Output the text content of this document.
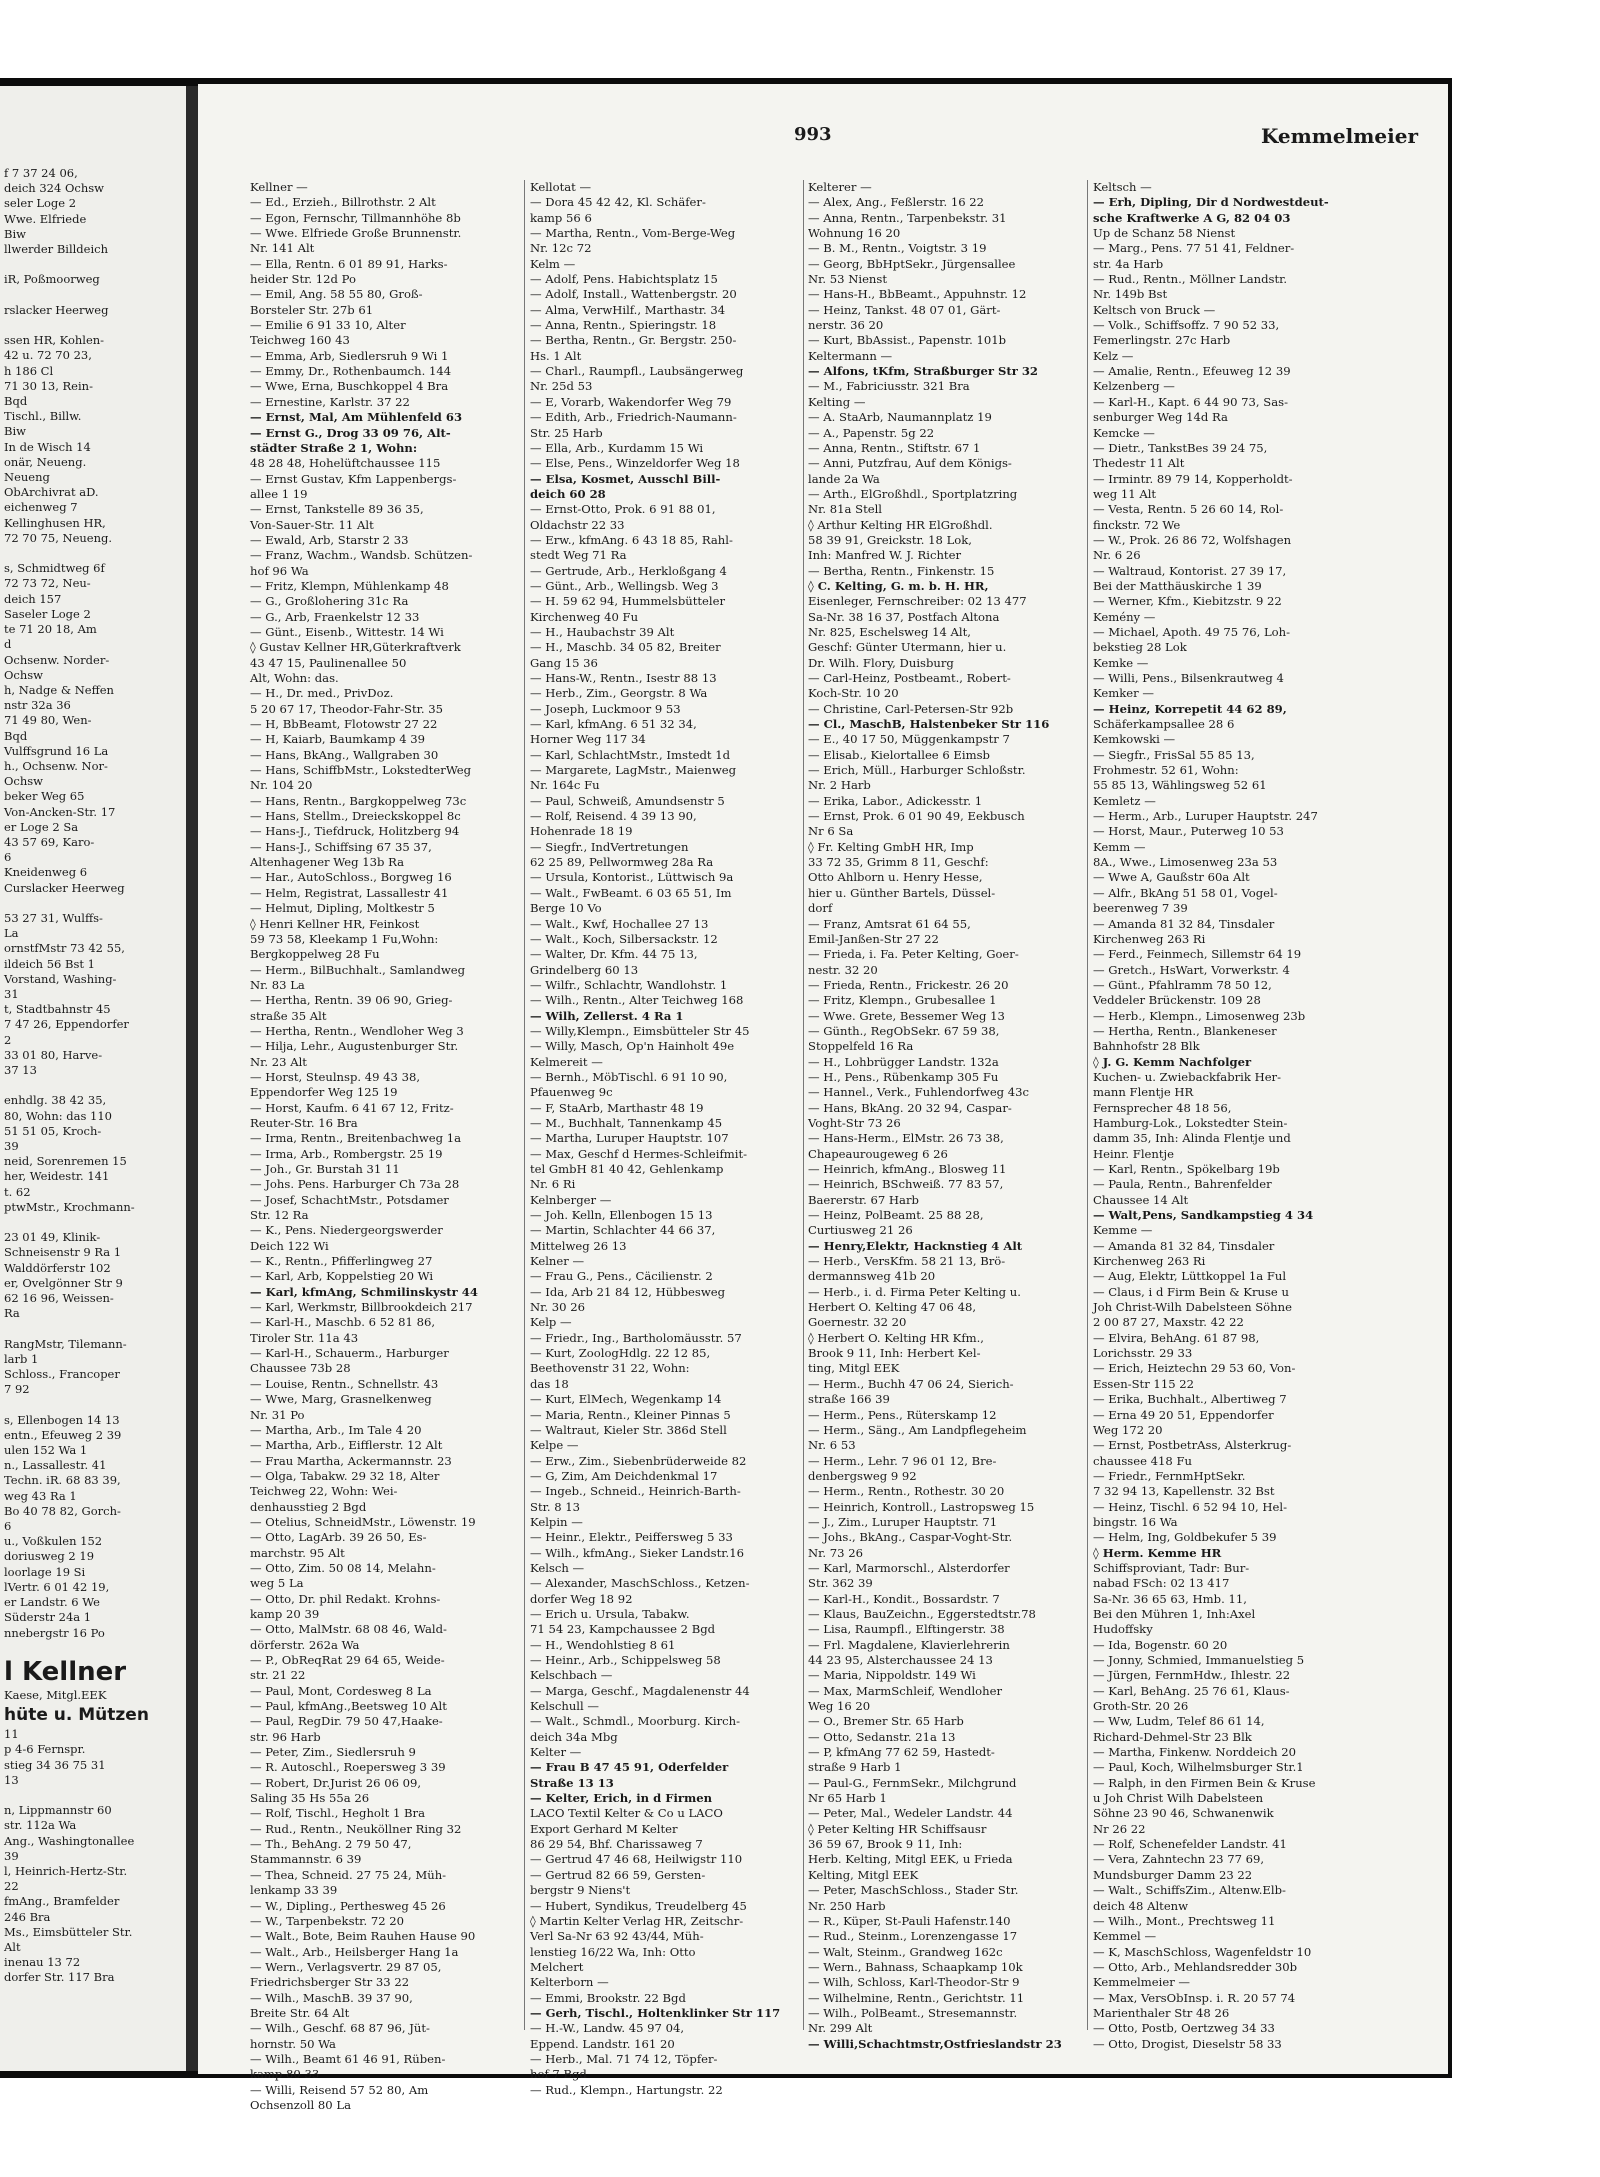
f 7 37 24 06,
deich 324 Ochsw
seler Loge 2
Wwe. Elfriede
Biw
llwerder Billdeich

iR, Poßmoorweg

rslacker Heerweg

ssen HR, Kohlen-
42 u. 72 70 23,
h 186 Cl
71 30 13, Rein-
Bqd
Tischl., Billw.
Biw
In de Wisch 14
onär, Neueng.
Neueng
ObArchivrat aD.
eichenweg 7
Kellinghusen HR,
72 70 75, Neueng.

s, Schmidtweg 6f
72 73 72, Neu-
deich 157
Saseler Loge 2
te 71 20 18, Am
d
Ochsenw. Norder-
Ochsw
h, Nadge & Neffen
nstr 32a 36
71 49 80, Wen-
Bqd
Vulffsgrund 16 La
h., Ochsenw. Nor-
Ochsw
beker Weg 65
Von-Ancken-Str. 17
er Loge 2 Sa
43 57 69, Karo-
6
Kneidenweg 6
Curslacker Heerweg

53 27 31, Wulffs-
La
ornstfMstr 73 42 55,
ildeich 56 Bst 1
Vorstand, Washing-
31
t, Stadtbahnstr 45
7 47 26, Eppendorfer
2
33 01 80, Harve-
37 13

enhdlg. 38 42 35,
80, Wohn: das 110
51 51 05, Kroch-
39
neid, Sorenremen 15
her, Weidestr. 141
t. 62
ptwMstr., Krochmann-

23 01 49, Klinik-
Schneisenstr 9 Ra 1
Walddörferstr 102
er, Ovelgönner Str 9
62 16 96, Weissen-
Ra

RangMstr, Tilemann-
larb 1
Schloss., Francoper
7 92

s, Ellenbogen 14 13
entn., Efeuweg 2 39
ulen 152 Wa 1
n., Lassallestr. 41
Techn. iR. 68 83 39,
weg 43 Ra 1
Bo 40 78 82, Gorch-
6
u., Voßkulen 152
doriusweg 2 19
loorlage 19 Si
lVertr. 6 01 42 19,
er Landstr. 6 We
Süderstr 24a 1
nnebergstr 16 Po

l Kellner
Kaese, Mitgl.EEK
hüte u. Mützen
11
p 4-6 Fernspr.
stieg 34 36 75 31
13

n, Lippmannstr 60
str. 112a Wa
Ang., Washingtonallee
39
l, Heinrich-Hertz-Str.
22
fmAng., Bramfelder
246 Bra
Ms., Eimsbütteler Str.
Alt
inenau 13 72
dorfer Str. 117 Bra
993	Kemmelmeier
Kellner —
— Ed., Erzieh., Billrothstr. 2 Alt
— Egon, Fernschr, Tillmannhöhe 8b
— Wwe. Elfriede Große Brunnenstr.
Nr. 141 Alt
— Ella, Rentn. 6 01 89 91, Harks-
heider Str. 12d Po
— Emil, Ang. 58 55 80, Groß-
Borsteler Str. 27b 61
— Emilie 6 91 33 10, Alter
Teichweg 160 43
— Emma, Arb, Siedlersruh 9 Wi 1
— Emmy, Dr., Rothenbaumch. 144
— Wwe, Erna, Buschkoppel 4 Bra
— Ernestine, Karlstr. 37 22
— Ernst, Mal, Am Mühlenfeld 63
— Ernst G., Drog 33 09 76, Alt-
städter Straße 2 1, Wohn:
48 28 48, Hohelüftchaussee 115
— Ernst Gustav, Kfm Lappenbergs-
allee 1 19
— Ernst, Tankstelle 89 36 35,
Von-Sauer-Str. 11 Alt
— Ewald, Arb, Starstr 2 33
— Franz, Wachm., Wandsb. Schützen-
hof 96 Wa
— Fritz, Klempn, Mühlenkamp 48
— G., Großlohering 31c Ra
— G., Arb, Fraenkelstr 12 33
— Günt., Eisenb., Wittestr. 14 Wi
◊ Gustav Kellner HR,Güterkraftverk
43 47 15, Paulinenallee 50
Alt, Wohn: das.
— H., Dr. med., PrivDoz.
5 20 67 17, Theodor-Fahr-Str. 35
— H, BbBeamt, Flotowstr 27 22
— H, Kaiarb, Baumkamp 4 39
— Hans, BkAng., Wallgraben 30
— Hans, SchiffbMstr., LokstedterWeg
Nr. 104 20
— Hans, Rentn., Bargkoppelweg 73c
— Hans, Stellm., Dreieckskoppel 8c
— Hans-J., Tiefdruck, Holitzberg 94
— Hans-J., Schiffsing 67 35 37,
Altenhagener Weg 13b Ra
— Har., AutoSchloss., Borgweg 16
— Helm, Registrat, Lassallestr 41
— Helmut, Dipling, Moltkestr 5
◊ Henri Kellner HR, Feinkost
59 73 58, Kleekamp 1 Fu,Wohn:
Bergkoppelweg 28 Fu
— Herm., BilBuchhalt., Samlandweg
Nr. 83 La
— Hertha, Rentn. 39 06 90, Grieg-
straße 35 Alt
— Hertha, Rentn., Wendloher Weg 3
— Hilja, Lehr., Augustenburger Str.
Nr. 23 Alt
— Horst, Steulnsp. 49 43 38,
Eppendorfer Weg 125 19
— Horst, Kaufm. 6 41 67 12, Fritz-
Reuter-Str. 16 Bra
— Irma, Rentn., Breitenbachweg 1a
— Irma, Arb., Rombergstr. 25 19
— Joh., Gr. Burstah 31 11
— Johs. Pens. Harburger Ch 73a 28
— Josef, SchachtMstr., Potsdamer
Str. 12 Ra
— K., Pens. Niedergeorgswerder
Deich 122 Wi
— K., Rentn., Pfifferlingweg 27
— Karl, Arb, Koppelstieg 20 Wi
— Karl, kfmAng, Schmilinskystr 44
— Karl, Werkmstr, Billbrookdeich 217
— Karl-H., Maschb. 6 52 81 86,
Tiroler Str. 11a 43
— Karl-H., Schauerm., Harburger
Chaussee 73b 28
— Louise, Rentn., Schnellstr. 43
— Wwe, Marg, Grasnelkenweg
Nr. 31 Po
— Martha, Arb., Im Tale 4 20
— Martha, Arb., Eifflerstr. 12 Alt
— Frau Martha, Ackermannstr. 23
— Olga, Tabakw. 29 32 18, Alter
Teichweg 22, Wohn: Wei-
denhausstieg 2 Bgd
— Otelius, SchneidMstr., Löwenstr. 19
— Otto, LagArb. 39 26 50, Es-
marchstr. 95 Alt
— Otto, Zim. 50 08 14, Melahn-
weg 5 La
— Otto, Dr. phil Redakt. Krohns-
kamp 20 39
— Otto, MalMstr. 68 08 46, Wald-
dörferstr. 262a Wa
— P., ObReqRat 29 64 65, Weide-
str. 21 22
— Paul, Mont, Cordesweg 8 La
— Paul, kfmAng.,Beetsweg 10 Alt
— Paul, RegDir. 79 50 47,Haake-
str. 96 Harb
— Peter, Zim., Siedlersruh 9
— R. Autoschl., Roepersweg 3 39
— Robert, Dr.Jurist 26 06 09,
Saling 35 Hs 55a 26
— Rolf, Tischl., Hegholt 1 Bra
— Rud., Rentn., Neuköllner Ring 32
— Th., BehAng. 2 79 50 47,
Stammannstr. 6 39
— Thea, Schneid. 27 75 24, Müh-
lenkamp 33 39
— W., Dipling., Perthesweg 45 26
— W., Tarpenbekstr. 72 20
— Walt., Bote, Beim Rauhen Hause 90
— Walt., Arb., Heilsberger Hang 1a
— Wern., Verlagsvertr. 29 87 05,
Friedrichsberger Str 33 22
— Wilh., MaschB. 39 37 90,
Breite Str. 64 Alt
— Wilh., Geschf. 68 87 96, Jüt-
hornstr. 50 Wa
— Wilh., Beamt 61 46 91, Rüben-
kamp 80 33
— Willi, Reisend 57 52 80, Am
Ochsenzoll 80 La
Kellotat —
— Dora 45 42 42, Kl. Schäfer-
kamp 56 6
— Martha, Rentn., Vom-Berge-Weg
Nr. 12c 72
Kelm —
— Adolf, Pens. Habichtsplatz 15
— Adolf, Install., Wattenbergstr. 20
— Alma, VerwHilf., Marthastr. 34
— Anna, Rentn., Spieringstr. 18
— Bertha, Rentn., Gr. Bergstr. 250-
Hs. 1 Alt
— Charl., Raumpfl., Laubsängerweg
Nr. 25d 53
— E, Vorarb, Wakendorfer Weg 79
— Edith, Arb., Friedrich-Naumann-
Str. 25 Harb
— Ella, Arb., Kurdamm 15 Wi
— Else, Pens., Winzeldorfer Weg 18
— Elsa, Kosmet, Ausschl Bill-
deich 60 28
— Ernst-Otto, Prok. 6 91 88 01,
Oldachstr 22 33
— Erw., kfmAng. 6 43 18 85, Rahl-
stedt Weg 71 Ra
— Gertrude, Arb., Herkloßgang 4
— Günt., Arb., Wellingsb. Weg 3
— H. 59 62 94, Hummelsbütteler
Kirchenweg 40 Fu
— H., Haubachstr 39 Alt
— H., Maschb. 34 05 82, Breiter
Gang 15 36
— Hans-W., Rentn., Isestr 88 13
— Herb., Zim., Georgstr. 8 Wa
— Joseph, Luckmoor 9 53
— Karl, kfmAng. 6 51 32 34,
Horner Weg 117 34
— Karl, SchlachtMstr., Imstedt 1d
— Margarete, LagMstr., Maienweg
Nr. 164c Fu
— Paul, Schweiß, Amundsenstr 5
— Rolf, Reisend. 4 39 13 90,
Hohenrade 18 19
— Siegfr., IndVertretungen
62 25 89, Pellwormweg 28a Ra
— Ursula, Kontorist., Lüttwisch 9a
— Walt., FwBeamt. 6 03 65 51, Im
Berge 10 Vo
— Walt., Kwf, Hochallee 27 13
— Walt., Koch, Silbersackstr. 12
— Walter, Dr. Kfm. 44 75 13,
Grindelberg 60 13
— Wilfr., Schlachtr, Wandlohstr. 1
— Wilh., Rentn., Alter Teichweg 168
— Wilh, Zellerst. 4 Ra 1
— Willy,Klempn., Eimsbütteler Str 45
— Willy, Masch, Op'n Hainholt 49e
Kelmereit —
— Bernh., MöbTischl. 6 91 10 90,
Pfauenweg 9c
— F, StaArb, Marthastr 48 19
— M., Buchhalt, Tannenkamp 45
— Martha, Luruper Hauptstr. 107
— Max, Geschf d Hermes-Schleifmit-
tel GmbH 81 40 42, Gehlenkamp
Nr. 6 Ri
Kelnberger —
— Joh. Kelln, Ellenbogen 15 13
— Martin, Schlachter 44 66 37,
Mittelweg 26 13
Kelner —
— Frau G., Pens., Cäcilienstr. 2
— Ida, Arb 21 84 12, Hübbesweg
Nr. 30 26
Kelp —
— Friedr., Ing., Bartholomäusstr. 57
— Kurt, ZoologHdlg. 22 12 85,
Beethovenstr 31 22, Wohn:
das 18
— Kurt, ElMech, Wegenkamp 14
— Maria, Rentn., Kleiner Pinnas 5
— Waltraut, Kieler Str. 386d Stell
Kelpe —
— Erw., Zim., Siebenbrüderweide 82
— G, Zim, Am Deichdenkmal 17
— Ingeb., Schneid., Heinrich-Barth-
Str. 8 13
Kelpin —
— Heinr., Elektr., Peiffersweg 5 33
— Wilh., kfmAng., Sieker Landstr.16
Kelsch —
— Alexander, MaschSchloss., Ketzen-
dorfer Weg 18 92
— Erich u. Ursula, Tabakw.
71 54 23, Kampchaussee 2 Bgd
— H., Wendohlstieg 8 61
— Heinr., Arb., Schippelsweg 58
Kelschbach —
— Marga, Geschf., Magdalenenstr 44
Kelschull —
— Walt., Schmdl., Moorburg. Kirch-
deich 34a Mbg
Kelter —
— Frau B 47 45 91, Oderfelder
Straße 13 13
— Kelter, Erich, in d Firmen
LACO Textil Kelter & Co u LACO
Export Gerhard M Kelter
86 29 54, Bhf. Charissaweg 7
— Gertrud 47 46 68, Heilwigstr 110
— Gertrud 82 66 59, Gersten-
bergstr 9 Niens't
— Hubert, Syndikus, Treudelberg 45
◊ Martin Kelter Verlag HR, Zeitschr-
Verl Sa-Nr 63 92 43/44, Müh-
lenstieg 16/22 Wa, Inh: Otto
Melchert
Kelterborn —
— Emmi, Brookstr. 22 Bgd
— Gerh, Tischl., Holtenklinker Str 117
— H.-W., Landw. 45 97 04,
Eppend. Landstr. 161 20
— Herb., Mal. 71 74 12, Töpfer-
hof 7 Bgd
— Rud., Klempn., Hartungstr. 22
Kelterer —
— Alex, Ang., Feßlerstr. 16 22
— Anna, Rentn., Tarpenbekstr. 31
Wohnung 16 20
— B. M., Rentn., Voigtstr. 3 19
— Georg, BbHptSekr., Jürgensallee
Nr. 53 Nienst
— Hans-H., BbBeamt., Appuhnstr. 12
— Heinz, Tankst. 48 07 01, Gärt-
nerstr. 36 20
— Kurt, BbAssist., Papenstr. 101b
Keltermann —
— Alfons, tKfm, Straßburger Str 32
— M., Fabriciusstr. 321 Bra
Kelting —
— A. StaArb, Naumannplatz 19
— A., Papenstr. 5g 22
— Anna, Rentn., Stiftstr. 67 1
— Anni, Putzfrau, Auf dem Königs-
lande 2a Wa
— Arth., ElGroßhdl., Sportplatzring
Nr. 81a Stell
◊ Arthur Kelting HR ElGroßhdl.
58 39 91, Greickstr. 18 Lok,
Inh: Manfred W. J. Richter
— Bertha, Rentn., Finkenstr. 15
◊ C. Kelting, G. m. b. H. HR,
Eisenleger, Fernschreiber: 02 13 477
Sa-Nr. 38 16 37, Postfach Altona
Nr. 825, Eschelsweg 14 Alt,
Geschf: Günter Utermann, hier u.
Dr. Wilh. Flory, Duisburg
— Carl-Heinz, Postbeamt., Robert-
Koch-Str. 10 20
— Christine, Carl-Petersen-Str 92b
— Cl., MaschB, Halstenbeker Str 116
— E., 40 17 50, Müggenkampstr 7
— Elisab., Kielortallee 6 Eimsb
— Erich, Müll., Harburger Schloßstr.
Nr. 2 Harb
— Erika, Labor., Adickesstr. 1
— Ernst, Prok. 6 01 90 49, Eekbusch
Nr 6 Sa
◊ Fr. Kelting GmbH HR, Imp
33 72 35, Grimm 8 11, Geschf:
Otto Ahlborn u. Henry Hesse,
hier u. Günther Bartels, Düssel-
dorf
— Franz, Amtsrat 61 64 55,
Emil-Janßen-Str 27 22
— Frieda, i. Fa. Peter Kelting, Goer-
nestr. 32 20
— Frieda, Rentn., Frickestr. 26 20
— Fritz, Klempn., Grubesallee 1
— Wwe. Grete, Bessemer Weg 13
— Günth., RegObSekr. 67 59 38,
Stoppelfeld 16 Ra
— H., Lohbrügger Landstr. 132a
— H., Pens., Rübenkamp 305 Fu
— Hannel., Verk., Fuhlendorfweg 43c
— Hans, BkAng. 20 32 94, Caspar-
Voght-Str 73 26
— Hans-Herm., ElMstr. 26 73 38,
Chapeaurougeweg 6 26
— Heinrich, kfmAng., Blosweg 11
— Heinrich, BSchweiß. 77 83 57,
Baererstr. 67 Harb
— Heinz, PolBeamt. 25 88 28,
Curtiusweg 21 26
— Henry,Elektr, Hacknstieg 4 Alt
— Herb., VersKfm. 58 21 13, Brö-
dermannsweg 41b 20
— Herb., i. d. Firma Peter Kelting u.
Herbert O. Kelting 47 06 48,
Goernestr. 32 20
◊ Herbert O. Kelting HR Kfm.,
Brook 9 11, Inh: Herbert Kel-
ting, Mitgl EEK
— Herm., Buchh 47 06 24, Sierich-
straße 166 39
— Herm., Pens., Rüterskamp 12
— Herm., Säng., Am Landpflegeheim
Nr. 6 53
— Herm., Lehr. 7 96 01 12, Bre-
denbergsweg 9 92
— Herm., Rentn., Rothestr. 30 20
— Heinrich, Kontroll., Lastropsweg 15
— J., Zim., Luruper Hauptstr. 71
— Johs., BkAng., Caspar-Voght-Str.
Nr. 73 26
— Karl, Marmorschl., Alsterdorfer
Str. 362 39
— Karl-H., Kondit., Bossardstr. 7
— Klaus, BauZeichn., Eggerstedtstr.78
— Lisa, Raumpfl., Elftingerstr. 38
— Frl. Magdalene, Klavierlehrerin
44 23 95, Alsterchaussee 24 13
— Maria, Nippoldstr. 149 Wi
— Max, MarmSchleif, Wendloher
Weg 16 20
— O., Bremer Str. 65 Harb
— Otto, Sedanstr. 21a 13
— P, kfmAng 77 62 59, Hastedt-
straße 9 Harb 1
— Paul-G., FernmSekr., Milchgrund
Nr 65 Harb 1
— Peter, Mal., Wedeler Landstr. 44
◊ Peter Kelting HR Schiffsausr
36 59 67, Brook 9 11, Inh:
Herb. Kelting, Mitgl EEK, u Frieda
Kelting, Mitgl EEK
— Peter, MaschSchloss., Stader Str.
Nr. 250 Harb
— R., Küper, St-Pauli Hafenstr.140
— Rud., Steinm., Lorenzengasse 17
— Walt, Steinm., Grandweg 162c
— Wern., Bahnass, Schaapkamp 10k
— Wilh, Schloss, Karl-Theodor-Str 9
— Wilhelmine, Rentn., Gerichtstr. 11
— Wilh., PolBeamt., Stresemannstr.
Nr. 299 Alt
— Willi,Schachtmstr,Ostfrieslandstr 23
Keltsch —
— Erh, Dipling, Dir d Nordwestdeut-
sche Kraftwerke A G, 82 04 03
Up de Schanz 58 Nienst
— Marg., Pens. 77 51 41, Feldner-
str. 4a Harb
— Rud., Rentn., Möllner Landstr.
Nr. 149b Bst
Keltsch von Bruck —
— Volk., Schiffsoffz. 7 90 52 33,
Femerlingstr. 27c Harb
Kelz —
— Amalie, Rentn., Efeuweg 12 39
Kelzenberg —
— Karl-H., Kapt. 6 44 90 73, Sas-
senburger Weg 14d Ra
Kemcke —
— Dietr., TankstBes 39 24 75,
Thedestr 11 Alt
— Irmintr. 89 79 14, Kopperholdt-
weg 11 Alt
— Vesta, Rentn. 5 26 60 14, Rol-
finckstr. 72 We
— W., Prok. 26 86 72, Wolfshagen
Nr. 6 26
— Waltraud, Kontorist. 27 39 17,
Bei der Matthäuskirche 1 39
— Werner, Kfm., Kiebitzstr. 9 22
Kemény —
— Michael, Apoth. 49 75 76, Loh-
bekstieg 28 Lok
Kemke —
— Willi, Pens., Bilsenkrautweg 4
Kemker —
— Heinz, Korrepetit 44 62 89,
Schäferkampsallee 28 6
Kemkowski —
— Siegfr., FrisSal 55 85 13,
Frohmestr. 52 61, Wohn:
55 85 13, Wählingsweg 52 61
Kemletz —
— Herm., Arb., Luruper Hauptstr. 247
— Horst, Maur., Puterweg 10 53
Kemm —
8A., Wwe., Limosenweg 23a 53
— Wwe A, Gaußstr 60a Alt
— Alfr., BkAng 51 58 01, Vogel-
beerenweg 7 39
— Amanda 81 32 84, Tinsdaler
Kirchenweg 263 Ri
— Ferd., Feinmech, Sillemstr 64 19
— Gretch., HsWart, Vorwerkstr. 4
— Günt., Pfahlramm 78 50 12,
Veddeler Brückenstr. 109 28
— Herb., Klempn., Limosenweg 23b
— Hertha, Rentn., Blankeneser
Bahnhofstr 28 Blk
◊ J. G. Kemm Nachfolger
Kuchen- u. Zwiebackfabrik Her-
mann Flentje HR
Fernsprecher 48 18 56,
Hamburg-Lok., Lokstedter Stein-
damm 35, Inh: Alinda Flentje und
Heinr. Flentje
— Karl, Rentn., Spökelbarg 19b
— Paula, Rentn., Bahrenfelder
Chaussee 14 Alt
— Walt,Pens, Sandkampstieg 4 34
Kemme —
— Amanda 81 32 84, Tinsdaler
Kirchenweg 263 Ri
— Aug, Elektr, Lüttkoppel 1a Ful
— Claus, i d Firm Bein & Kruse u
Joh Christ-Wilh Dabelsteen Söhne
2 00 87 27, Maxstr. 42 22
— Elvira, BehAng. 61 87 98,
Lorichsstr. 29 33
— Erich, Heiztechn 29 53 60, Von-
Essen-Str 115 22
— Erika, Buchhalt., Albertiweg 7
— Erna 49 20 51, Eppendorfer
Weg 172 20
— Ernst, PostbetrAss, Alsterkrug-
chaussee 418 Fu
— Friedr., FernmHptSekr.
7 32 94 13, Kapellenstr. 32 Bst
— Heinz, Tischl. 6 52 94 10, Hel-
bingstr. 16 Wa
— Helm, Ing, Goldbekufer 5 39
◊ Herm. Kemme HR
Schiffsproviant, Tadr: Bur-
nabad FSch: 02 13 417
Sa-Nr. 36 65 63, Hmb. 11,
Bei den Mühren 1, Inh:Axel
Hudoffsky
— Ida, Bogenstr. 60 20
— Jonny, Schmied, Immanuelstieg 5
— Jürgen, FernmHdw., Ihlestr. 22
— Karl, BehAng. 25 76 61, Klaus-
Groth-Str. 20 26
— Ww, Ludm, Telef 86 61 14,
Richard-Dehmel-Str 23 Blk
— Martha, Finkenw. Norddeich 20
— Paul, Koch, Wilhelmsburger Str.1
— Ralph, in den Firmen Bein & Kruse
u Joh Christ Wilh Dabelsteen
Söhne 23 90 46, Schwanenwik
Nr 26 22
— Rolf, Schenefelder Landstr. 41
— Vera, Zahntechn 23 77 69,
Mundsburger Damm 23 22
— Walt., SchiffsZim., Altenw.Elb-
deich 48 Altenw
— Wilh., Mont., Prechtsweg 11
Kemmel —
— K, MaschSchloss, Wagenfeldstr 10
— Otto, Arb., Mehlandsredder 30b
Kemmelmeier —
— Max, VersObInsp. i. R. 20 57 74
Marienthaler Str 48 26
— Otto, Postb, Oertzweg 34 33
— Otto, Drogist, Dieselstr 58 33
